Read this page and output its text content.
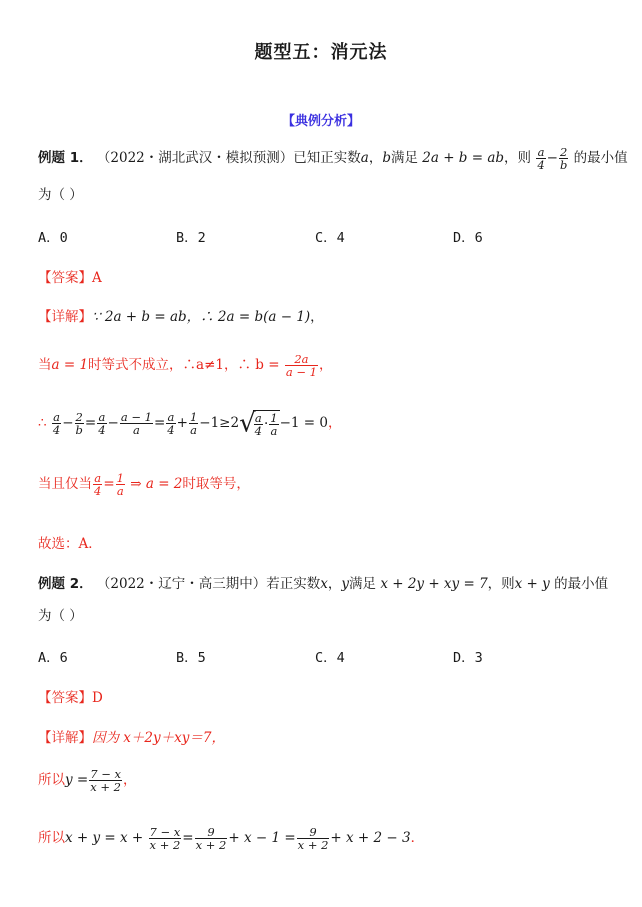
题型五：消元法
【典例分析】
例题 1． （2022・湖北武汉・模拟预测）已知正实数a，b满足 2a + b = ab，则 $\frac{a}{4} - \frac{2}{b}$ 的最小值
为（ ）
A．0	B．2	C．4	D．6
【答案】A
【详解】∵ 2a + b = ab，∴ 2a = b(a − 1)，
当a = 1时等式不成立，∴a≠1，∴ $b = \frac{2a}{a - 1}$ ，
∴ $\frac{a}{4} - \frac{2}{b} = \frac{a}{4} - \frac{a - 1}{a} = \frac{a}{4} + \frac{1}{a} -1\ge 2√$
$\frac{a}{4} \cdot \frac{1}{a} -1 = 0$，
当且仅当 $\frac{a}{4} = \frac{1}{a}$ ⇒ a = 2时取等号，
故选：A．
例题 2． （2022・辽宁・高三期中）若正实数x，y满足 x + 2y + xy = 7，则x + y 的最小值
为（ ）
A．6	B．5	C．4	D．3
【答案】D
【详解】因为 x＋2y＋xy＝7，
所以$y = \frac{7 - x}{x + 2}$ ，
所以$x + y = x + \frac{7 - x}{x + 2} = \frac{9}{x + 2} + x - 1 = \frac{9}{x + 2} + x + 2 - 3$．
